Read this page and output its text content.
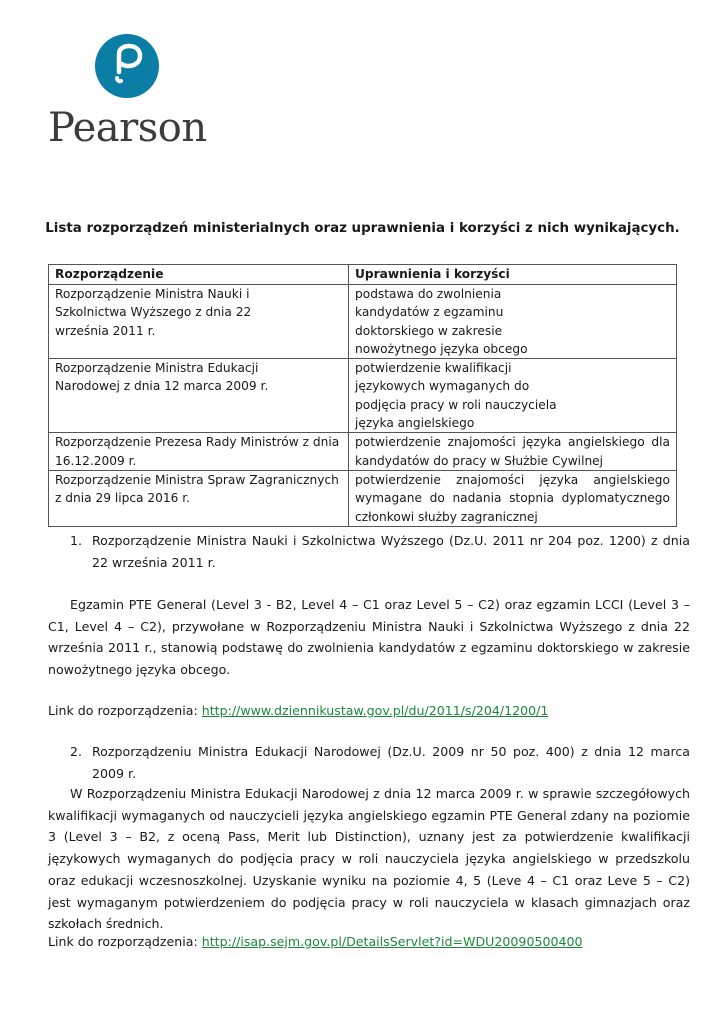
Pearson
Lista rozporządzeń ministerialnych oraz uprawnienia i korzyści z nich wynikających.
Rozporządzenie	Uprawnienia i korzyści
Rozporządzenie Ministra Nauki i Szkolnictwa Wyższego z dnia 22 września 2011 r.	podstawa do zwolnienia kandydatów z egzaminu doktorskiego w zakresie nowożytnego języka obcego
Rozporządzenie Ministra Edukacji Narodowej z dnia 12 marca 2009 r.	potwierdzenie kwalifikacji językowych wymaganych do podjęcia pracy w roli nauczyciela języka angielskiego
Rozporządzenie Prezesa Rady Ministrów z dnia 16.12.2009 r.	potwierdzenie znajomości języka angielskiego dla kandydatów do pracy w Służbie Cywilnej
Rozporządzenie Ministra Spraw Zagranicznych z dnia 29 lipca 2016 r.	potwierdzenie znajomości języka angielskiego wymagane do nadania stopnia dyplomatycznego członkowi służby zagranicznej
1. Rozporządzenie Ministra Nauki i Szkolnictwa Wyższego (Dz.U. 2011 nr 204 poz. 1200) z dnia 22 września 2011 r.
Egzamin PTE General (Level 3 - B2, Level 4 – C1 oraz Level 5 – C2) oraz egzamin LCCI (Level 3 – C1, Level 4 – C2), przywołane w Rozporządzeniu Ministra Nauki i Szkolnictwa Wyższego z dnia 22 września 2011 r., stanowią podstawę do zwolnienia kandydatów z egzaminu doktorskiego w zakresie nowożytnego języka obcego.
Link do rozporządzenia: http://www.dziennikustaw.gov.pl/du/2011/s/204/1200/1
2. Rozporządzeniu Ministra Edukacji Narodowej (Dz.U. 2009 nr 50 poz. 400) z dnia 12 marca 2009 r.
W Rozporządzeniu Ministra Edukacji Narodowej z dnia 12 marca 2009 r. w sprawie szczegółowych kwalifikacji wymaganych od nauczycieli języka angielskiego egzamin PTE General zdany na poziomie 3 (Level 3 – B2, z oceną Pass, Merit lub Distinction), uznany jest za potwierdzenie kwalifikacji językowych wymaganych do podjęcia pracy w roli nauczyciela języka angielskiego w przedszkolu oraz edukacji wczesnoszkolnej. Uzyskanie wyniku na poziomie 4, 5 (Leve 4 – C1 oraz Leve 5 – C2) jest wymaganym potwierdzeniem do podjęcia pracy w roli nauczyciela w klasach gimnazjach oraz szkołach średnich.
Link do rozporządzenia: http://isap.sejm.gov.pl/DetailsServlet?id=WDU20090500400
